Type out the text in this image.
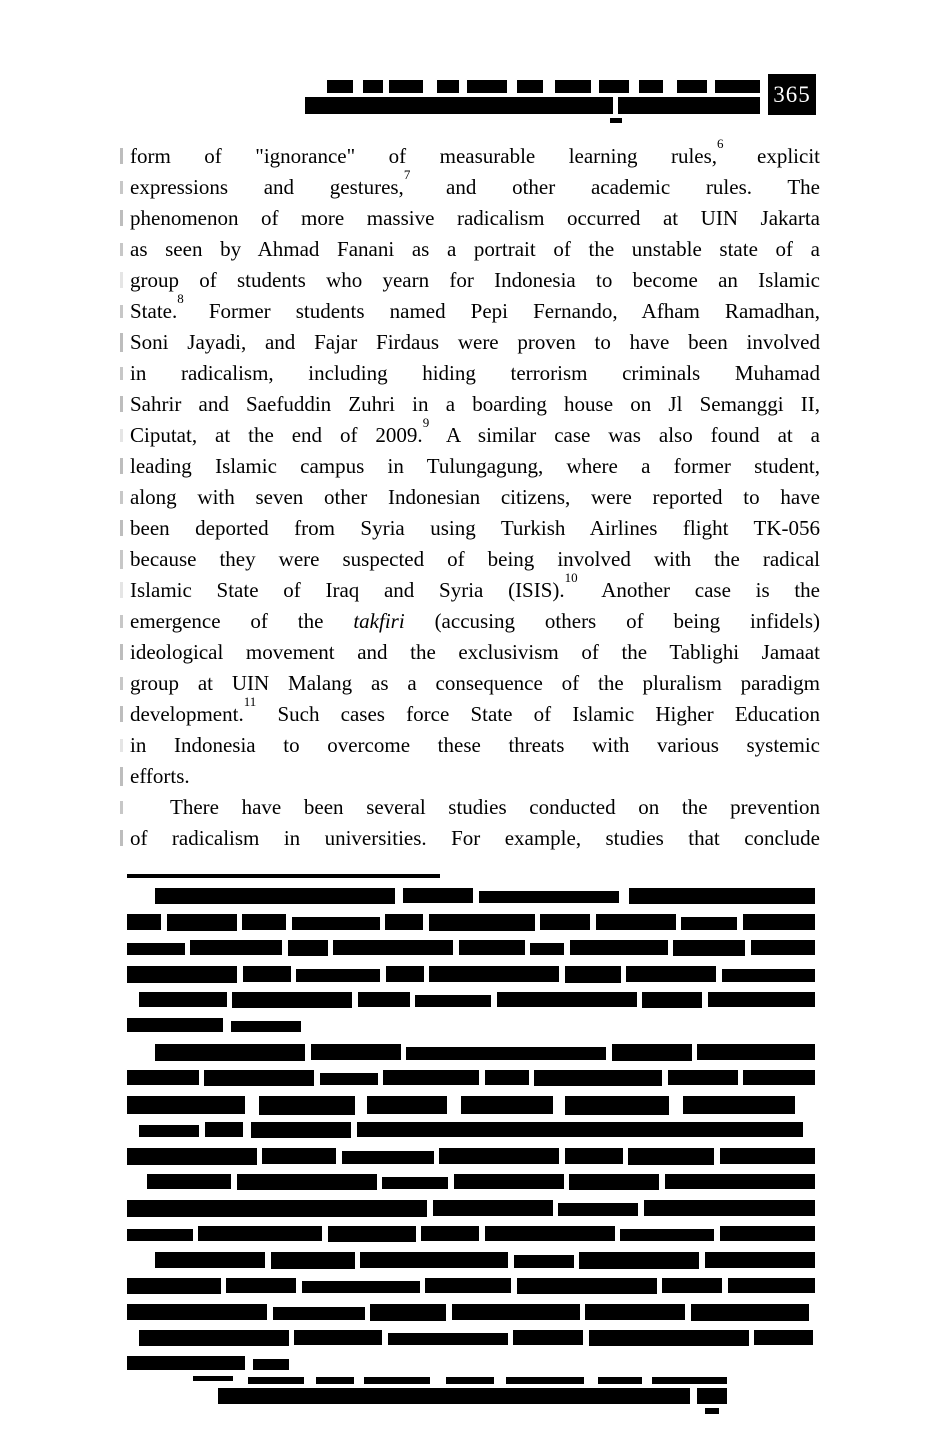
365
form of "ignorance" of measurable learning rules,$^6$ explicit
expressions and gestures,$^7$ and other academic rules. The
phenomenon of more massive radicalism occurred at UIN Jakarta
as seen by Ahmad Fanani as a portrait of the unstable state of a
group of students who yearn for Indonesia to become an Islamic
State.$^8$ Former students named Pepi Fernando, Afham Ramadhan,
Soni Jayadi, and Fajar Firdaus were proven to have been involved
in radicalism, including hiding terrorism criminals Muhamad
Sahrir and Saefuddin Zuhri in a boarding house on Jl Semanggi II,
Ciputat, at the end of 2009.$^9$ A similar case was also found at a
leading Islamic campus in Tulungagung, where a former student,
along with seven other Indonesian citizens, were reported to have
been deported from Syria using Turkish Airlines flight TK-056
because they were suspected of being involved with the radical
Islamic State of Iraq and Syria (ISIS).$^{10}$ Another case is the
emergence of the takfiri (accusing others of being infidels)
ideological movement and the exclusivism of the Tablighi Jamaat
group at UIN Malang as a consequence of the pluralism paradigm
development.$^{11}$ Such cases force State of Islamic Higher Education
in Indonesia to overcome these threats with various systemic
efforts.
There have been several studies conducted on the prevention
of radicalism in universities. For example, studies that conclude
